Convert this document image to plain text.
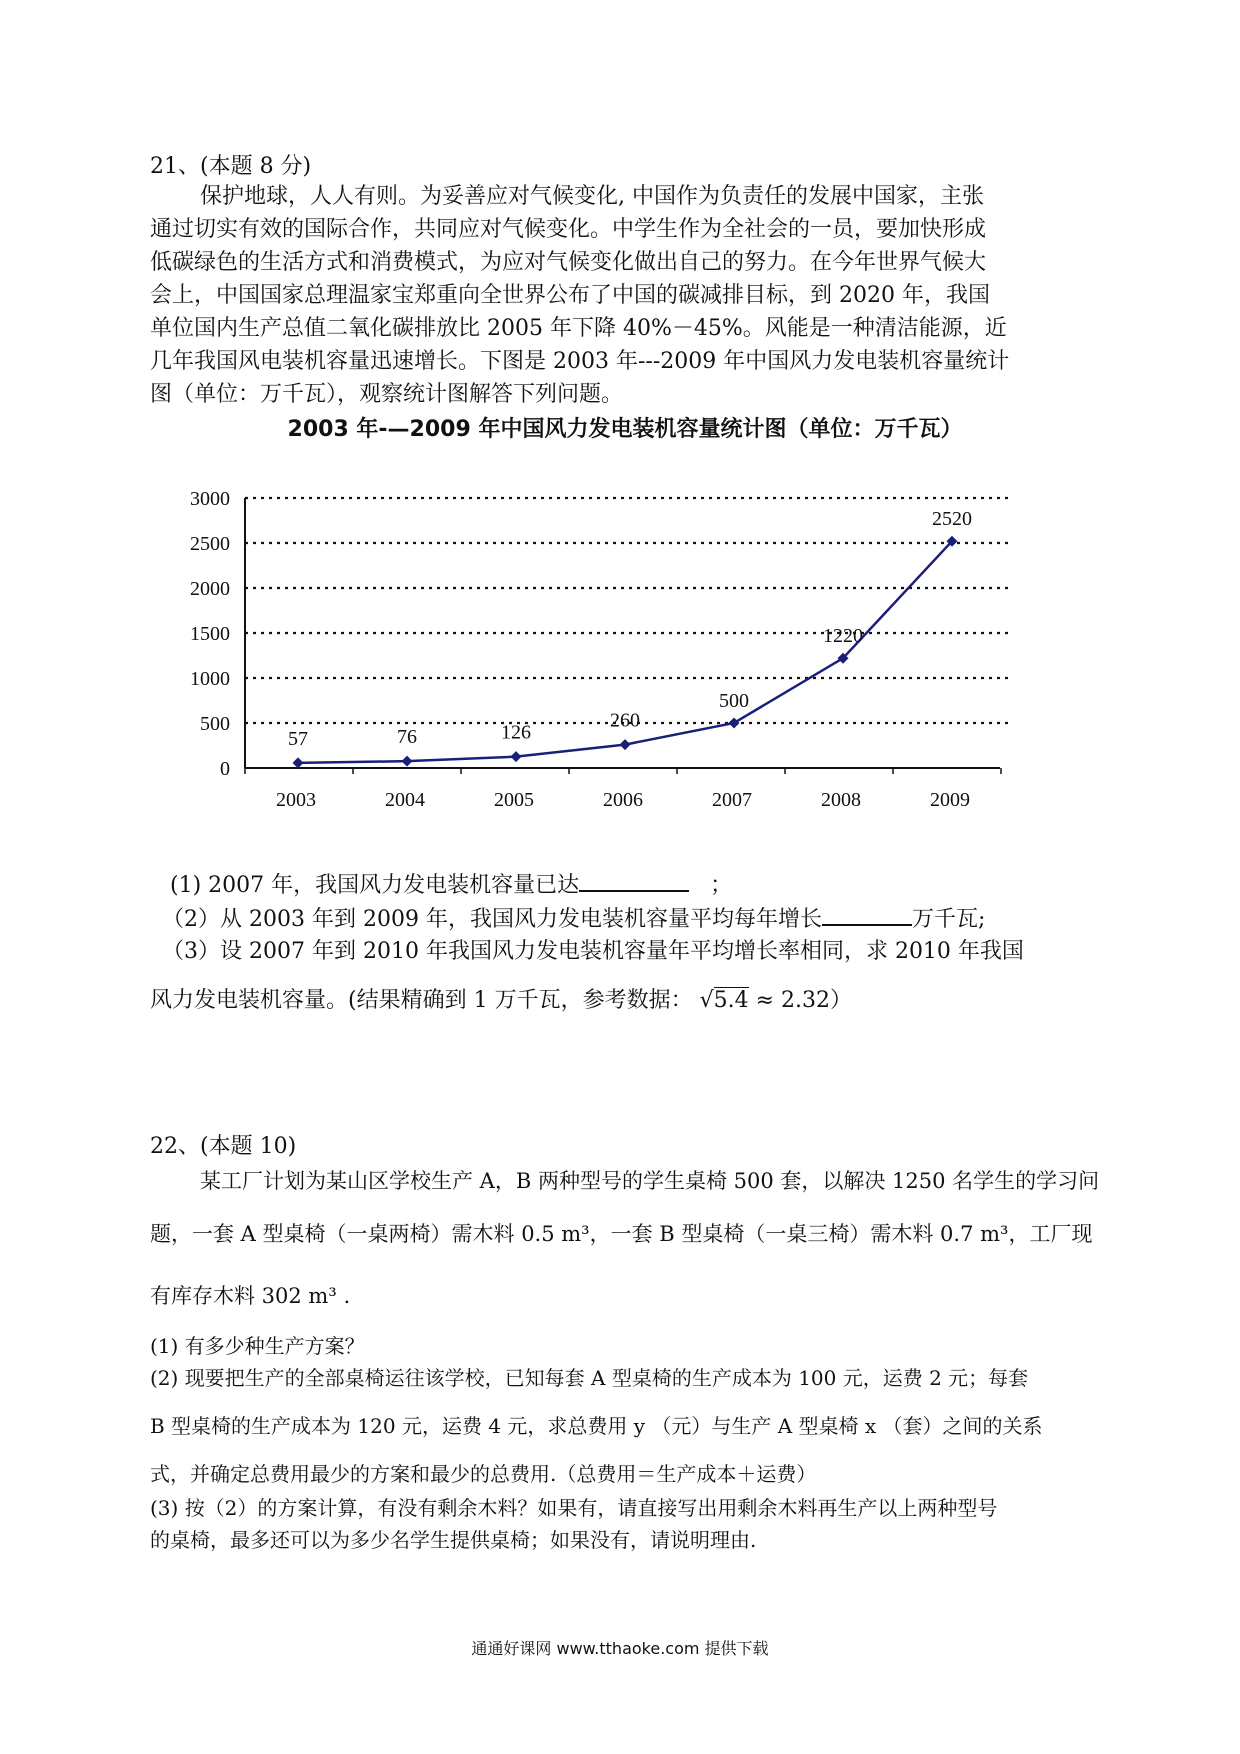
21、(本题 8 分)

保护地球，人人有则。为妥善应对气候变化, 中国作为负责任的发展中国家，主张

通过切实有效的国际合作，共同应对气候变化。中学生作为全社会的一员，要加快形成

低碳绿色的生活方式和消费模式，为应对气候变化做出自己的努力。在今年世界气候大

会上，中国国家总理温家宝郑重向全世界公布了中国的碳减排目标，到 2020 年，我国

单位国内生产总值二氧化碳排放比 2005 年下降 40%－45%。风能是一种清洁能源，近

几年我国风电装机容量迅速增长。下图是 2003 年---2009 年中国风力发电装机容量统计

图（单位：万千瓦），观察统计图解答下列问题。

2003 年-—2009 年中国风力发电装机容量统计图（单位：万千瓦）
0
500
1000
1500
2000
2500
3000
2003	2004	2005	2006	2007	2008	2009
57	76	126
260
500
1220
2520
(1) 2007 年，我国风力发电装机容量已达	；
（2）从 2003 年到 2009 年，我国风力发电装机容量平均每年增长	万千瓦;
（3）设 2007 年到 2010 年我国风力发电装机容量年平均增长率相同，求 2010 年我国
风力发电装机容量。(结果精确到 1 万千瓦，参考数据： √5.4 ≈ 2.32）
22、(本题 10)
某工厂计划为某山区学校生产 A，B 两种型号的学生桌椅 500 套，以解决 1250 名学生的学习问
题，一套 A 型桌椅（一桌两椅）需木料 0.5 m³，一套 B 型桌椅（一桌三椅）需木料 0.7 m³，工厂现
有库存木料 302 m³ .
(1) 有多少种生产方案？
(2) 现要把生产的全部桌椅运往该学校，已知每套 A 型桌椅的生产成本为 100 元，运费 2 元；每套
B 型桌椅的生产成本为 120 元，运费 4 元，求总费用 y （元）与生产 A 型桌椅 x （套）之间的关系
式，并确定总费用最少的方案和最少的总费用.（总费用＝生产成本＋运费）
(3) 按（2）的方案计算，有没有剩余木料？如果有，请直接写出用剩余木料再生产以上两种型号
的桌椅，最多还可以为多少名学生提供桌椅；如果没有，请说明理由.
通通好课网 www.tthaoke.com 提供下载
